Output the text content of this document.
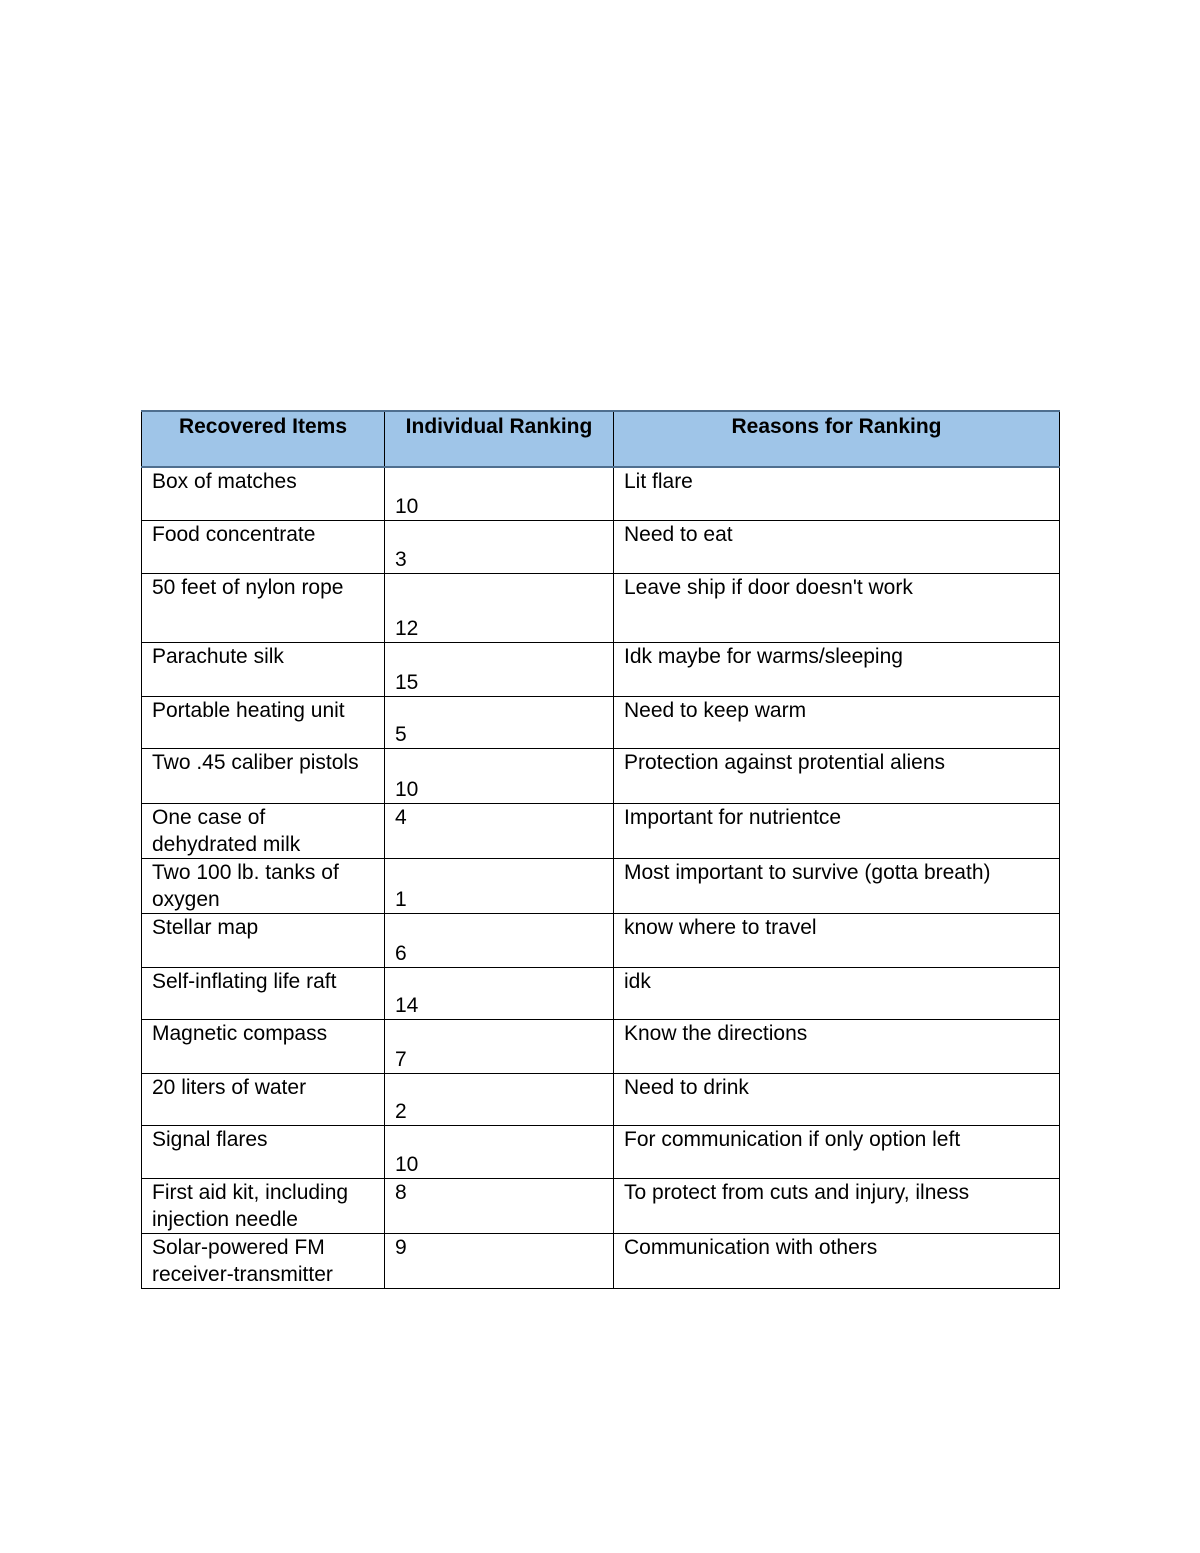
Recovered Items	Individual Ranking	Reasons for Ranking
Box of matches	10	Lit flare
Food concentrate	3	Need to eat
50 feet of nylon rope	12	Leave ship if door doesn't work
Parachute silk	15	Idk maybe for warms/sleeping
Portable heating unit	5	Need to keep warm
Two .45 caliber pistols	10	Protection against protential aliens
One case of dehydrated milk	4	Important for nutrientce
Two 100 lb. tanks of oxygen	1	Most important to survive (gotta breath)
Stellar map	6	know where to travel
Self-inflating life raft	14	idk
Magnetic compass	7	Know the directions
20 liters of water	2	Need to drink
Signal flares	10	For communication if only option left
First aid kit, including injection needle	8	To protect from cuts and injury, ilness
Solar-powered FM receiver-transmitter	9	Communication with others
